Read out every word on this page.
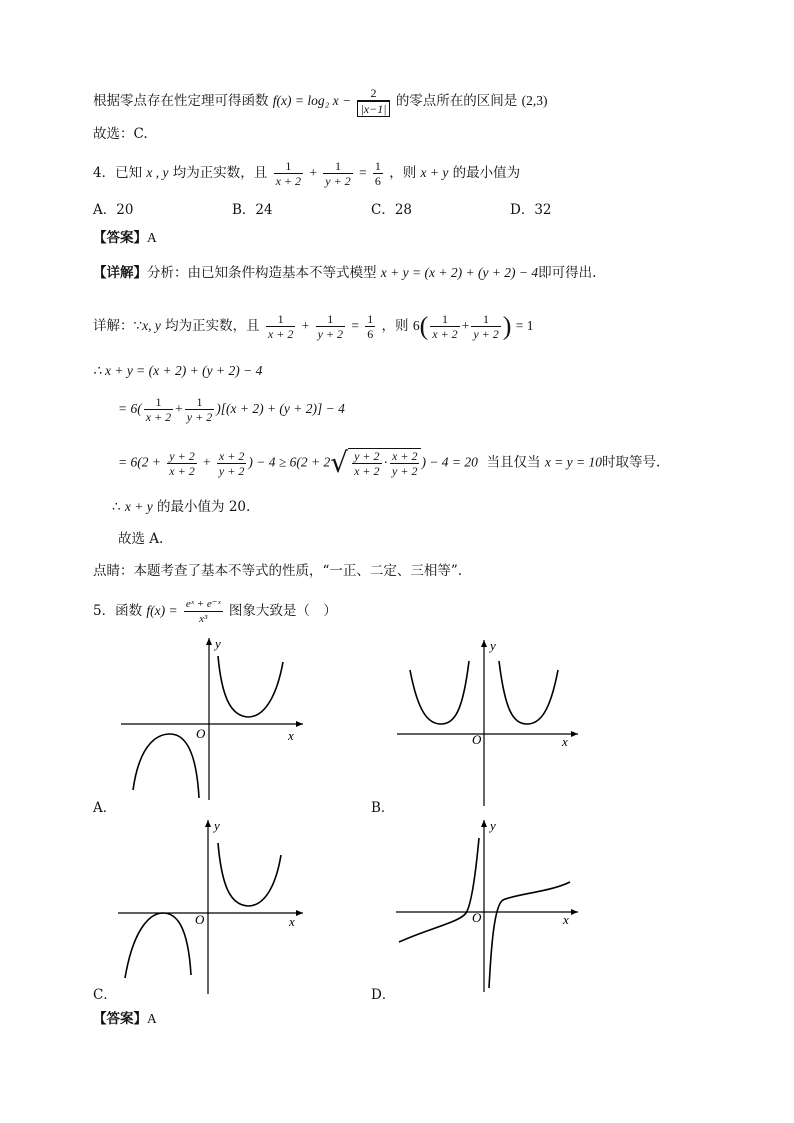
根据零点存在性定理可得函数 f(x) = log₂ $x - \frac{2}{|x-1|}$ 的零点所在的区间是 (2,3)
故选：C.
4．已知 x , y 均为正实数，且 $\frac{1}{x + 2} + \frac{1}{y + 2} = \frac{1}{6}$ ，则 x + y 的最小值为
A．20	B．24	C．28	D．32
【答案】A
【详解】分析：由已知条件构造基本不等式模型 x + y = (x + 2) + (y + 2) − 4即可得出.
详解：∵x, y 均为正实数，且 $\frac{1}{x + 2} + \frac{1}{y + 2} = \frac{1}{6}$ ，则 $6( \frac{1}{x + 2} + \frac{1}{y + 2}$ ) = 1
∴ x + y = (x + 2) + (y + 2) − 4
= $6( \frac{1}{x + 2} + \frac{1}{y + 2} )[(x + 2) + (y + 2)] - 4$
= $6(2 + \frac{y + 2}{x + 2} + \frac{x + 2}{y + 2}$ ) − $4 \ge 6(2 + 2√ \frac{y + 2}{x + 2} \cdot \frac{x + 2}{y + 2}$ ) − 4 = 20 当且仅当 x = y = 10时取等号.
∴ x + y 的最小值为 20.
故选 A.
点睛：本题考查了基本不等式的性质，“一正、二定、三相等”.
5．函数 $f(x) = \frac{\text{eˣ + e⁻ˣ}}{\text{x³}}$ 图象大致是（　）
x
y
O
A．
x
y
O
B．
x
y
O
C．
x
y
O
D．
【答案】A
